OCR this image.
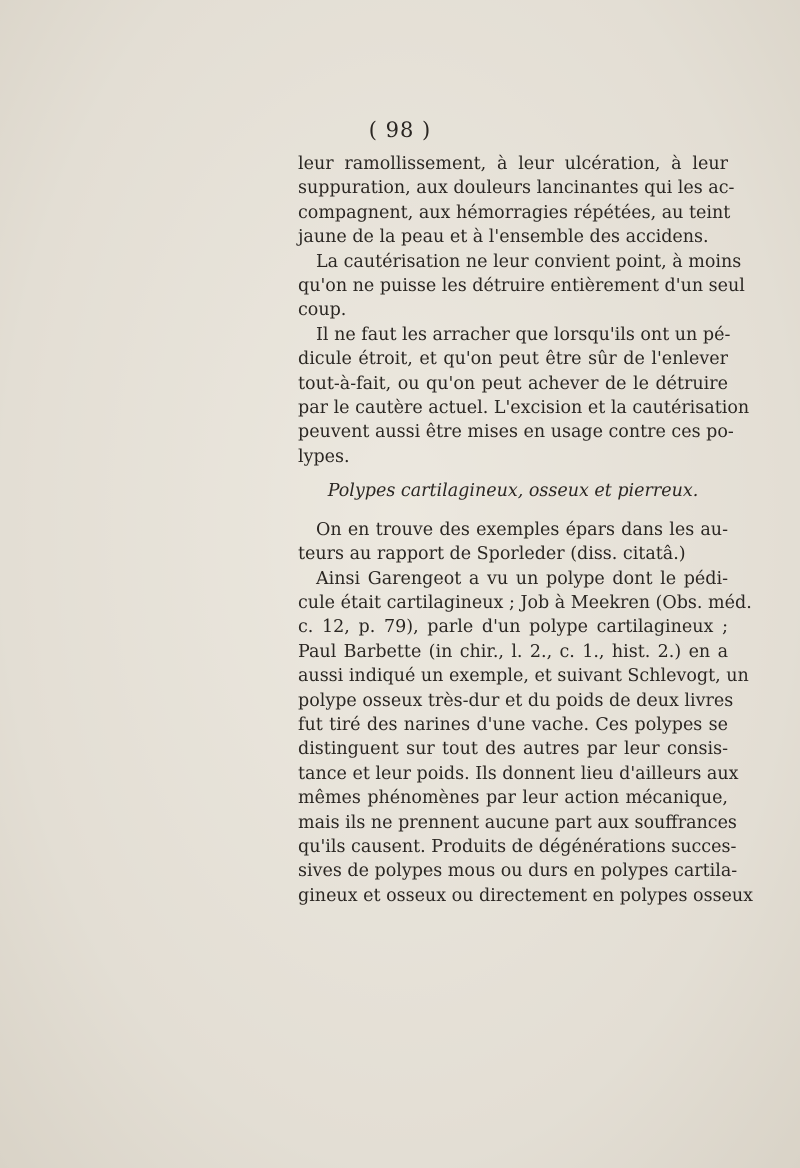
( 98 )
leur ramollissement, à leur ulcération, à leur
suppuration, aux douleurs lancinantes qui les ac-
compagnent, aux hémorragies répétées, au teint
jaune de la peau et à l'ensemble des accidens.
La cautérisation ne leur convient point, à moins
qu'on ne puisse les détruire entièrement d'un seul
coup.
Il ne faut les arracher que lorsqu'ils ont un pé-
dicule étroit, et qu'on peut être sûr de l'enlever
tout-à-fait, ou qu'on peut achever de le détruire
par le cautère actuel. L'excision et la cautérisation
peuvent aussi être mises en usage contre ces po-
lypes.
Polypes cartilagineux, osseux et pierreux.
On en trouve des exemples épars dans les au-
teurs au rapport de Sporleder (diss. citatâ.)
Ainsi Garengeot a vu un polype dont le pédi-
cule était cartilagineux ; Job à Meekren (Obs. méd.
c. 12, p. 79), parle d'un polype cartilagineux ;
Paul Barbette (in chir., l. 2., c. 1., hist. 2.) en a
aussi indiqué un exemple, et suivant Schlevogt, un
polype osseux très-dur et du poids de deux livres
fut tiré des narines d'une vache. Ces polypes se
distinguent sur tout des autres par leur consis-
tance et leur poids. Ils donnent lieu d'ailleurs aux
mêmes phénomènes par leur action mécanique,
mais ils ne prennent aucune part aux souffrances
qu'ils causent. Produits de dégénérations succes-
sives de polypes mous ou durs en polypes cartila-
gineux et osseux ou directement en polypes osseux
